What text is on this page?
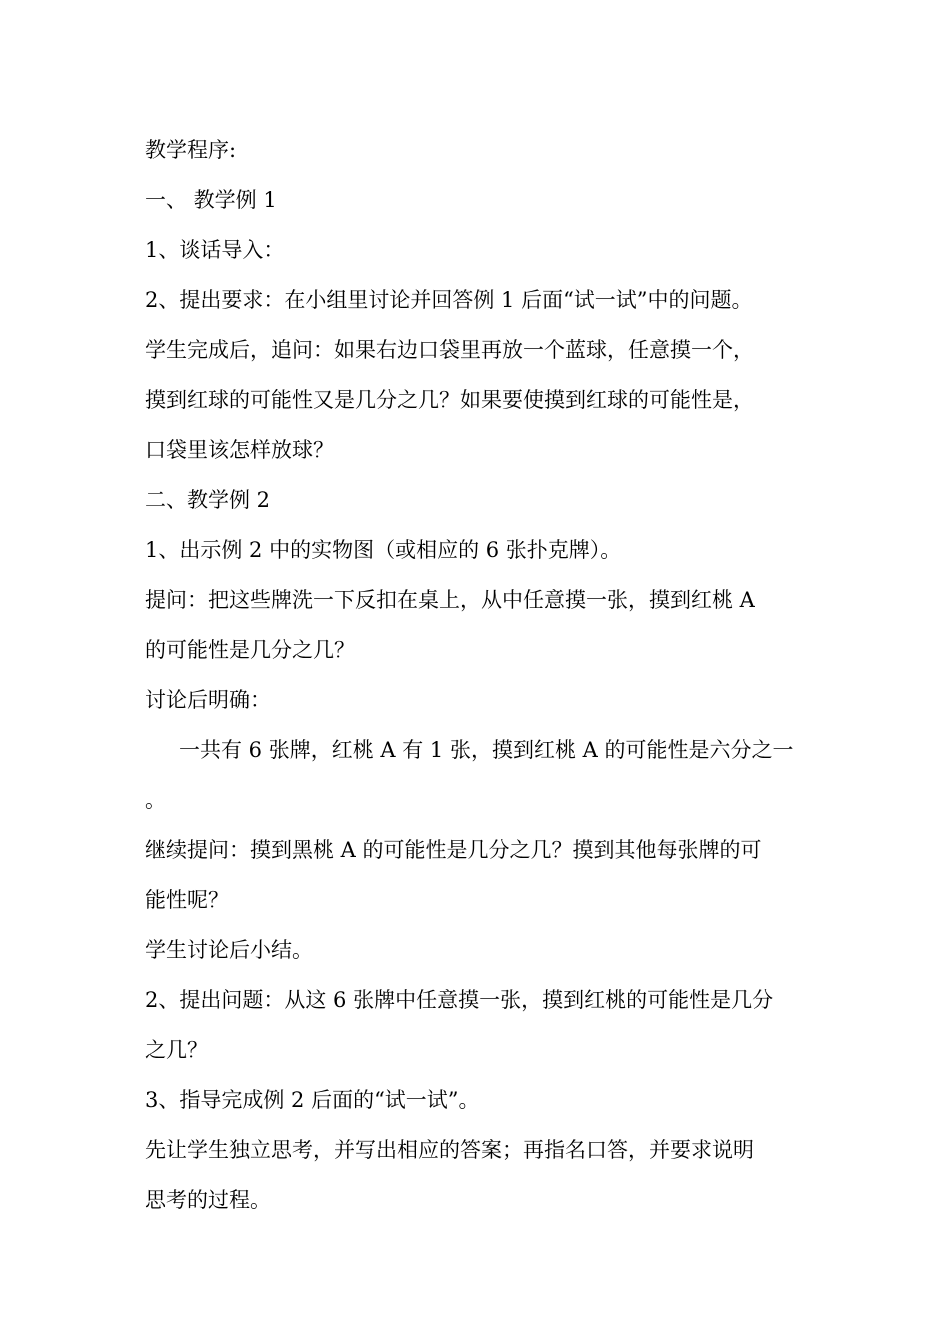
教学程序:
一、 教学例 1
1、谈话导入：
2、提出要求：在小组里讨论并回答例 1 后面“试一试”中的问题。
学生完成后，追问：如果右边口袋里再放一个蓝球，任意摸一个，
摸到红球的可能性又是几分之几？如果要使摸到红球的可能性是，
口袋里该怎样放球？
二、教学例 2
1、出示例 2 中的实物图（或相应的 6 张扑克牌）。
提问：把这些牌洗一下反扣在桌上，从中任意摸一张，摸到红桃 A
的可能性是几分之几？
讨论后明确：
一共有 6 张牌，红桃 A 有 1 张，摸到红桃 A 的可能性是六分之一
。
继续提问：摸到黑桃 A 的可能性是几分之几？摸到其他每张牌的可
能性呢？
学生讨论后小结。
2、提出问题：从这 6 张牌中任意摸一张，摸到红桃的可能性是几分
之几？
3、指导完成例 2 后面的“试一试”。
先让学生独立思考，并写出相应的答案；再指名口答，并要求说明
思考的过程。
